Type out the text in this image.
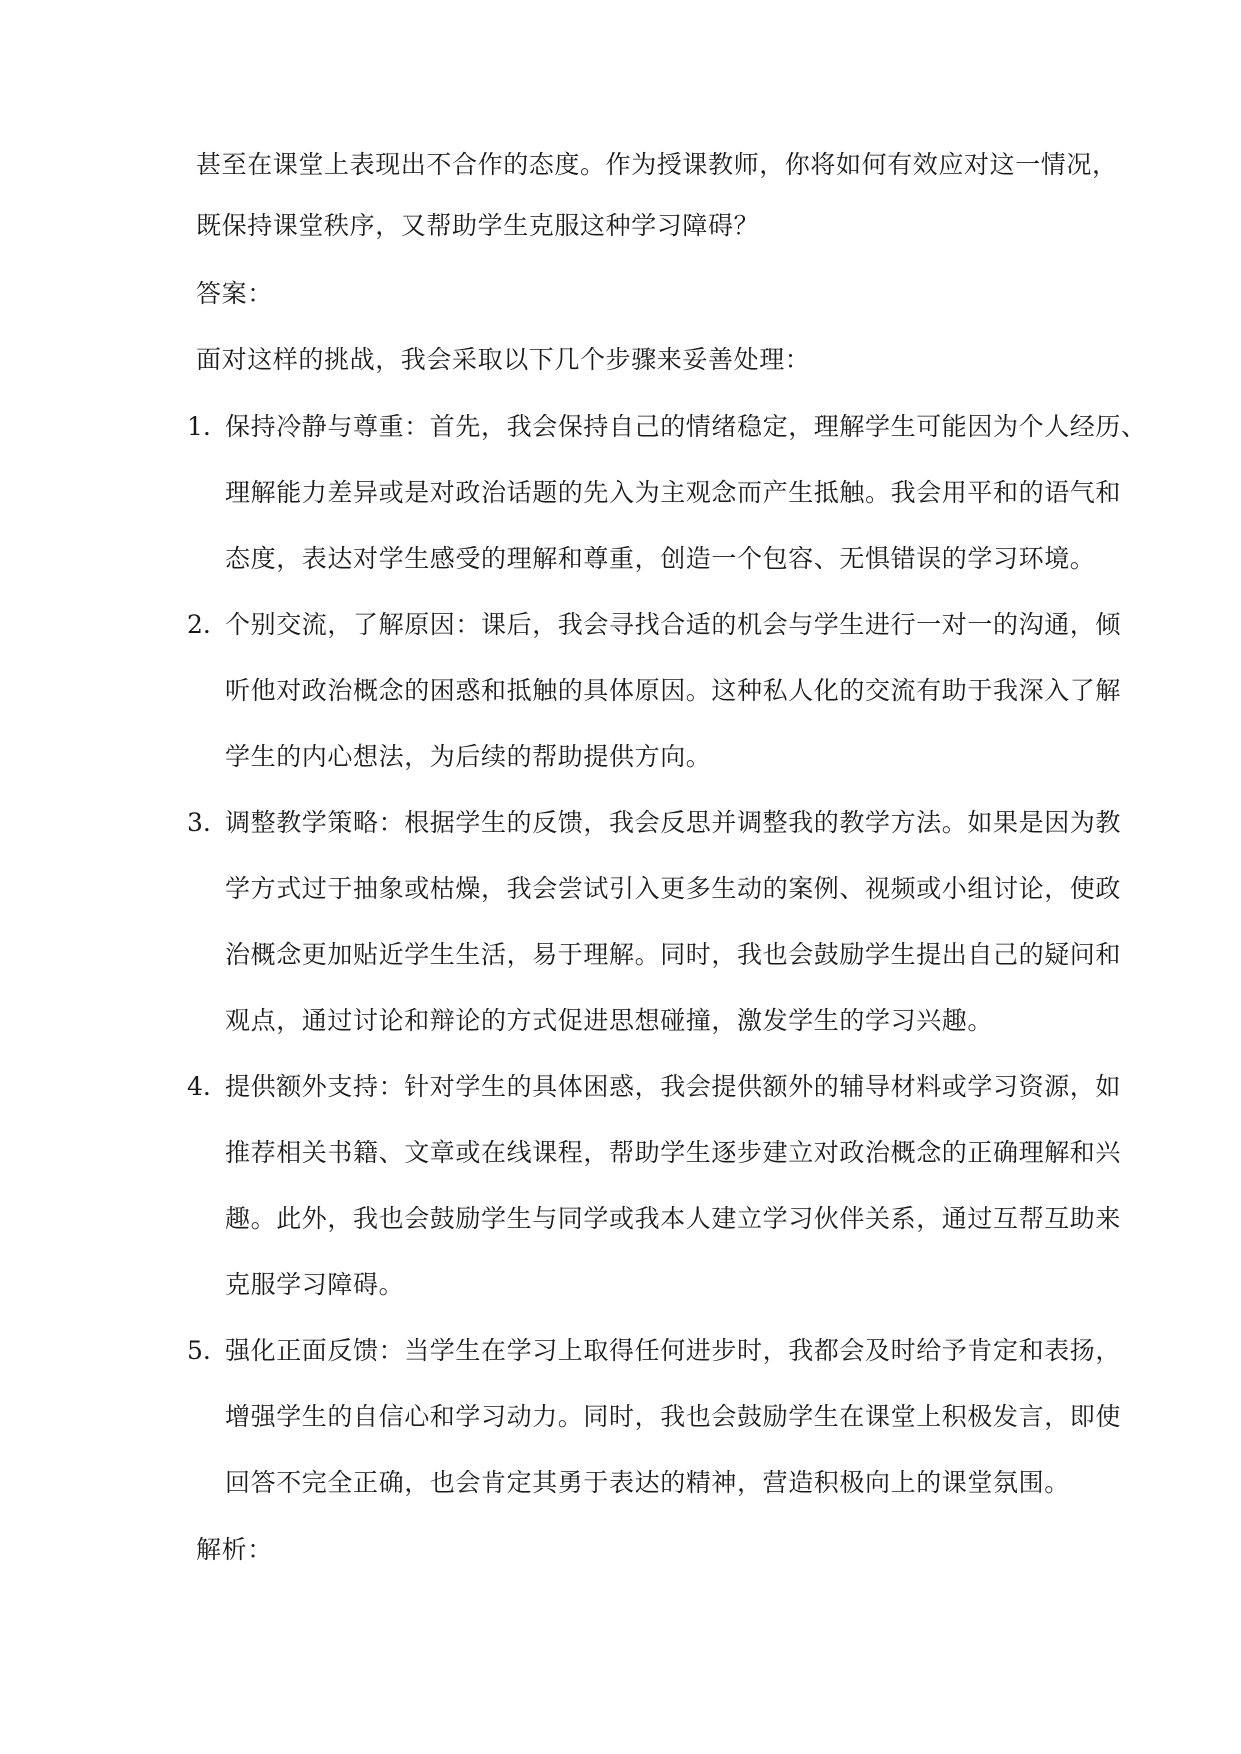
甚至在课堂上表现出不合作的态度。作为授课教师，你将如何有效应对这一情况，
既保持课堂秩序，又帮助学生克服这种学习障碍？
答案：
面对这样的挑战，我会采取以下几个步骤来妥善处理：
1. 保持冷静与尊重：首先，我会保持自己的情绪稳定，理解学生可能因为个人经历、
理解能力差异或是对政治话题的先入为主观念而产生抵触。我会用平和的语气和
态度，表达对学生感受的理解和尊重，创造一个包容、无惧错误的学习环境。
2. 个别交流，了解原因：课后，我会寻找合适的机会与学生进行一对一的沟通，倾
听他对政治概念的困惑和抵触的具体原因。这种私人化的交流有助于我深入了解
学生的内心想法，为后续的帮助提供方向。
3. 调整教学策略：根据学生的反馈，我会反思并调整我的教学方法。如果是因为教
学方式过于抽象或枯燥，我会尝试引入更多生动的案例、视频或小组讨论，使政
治概念更加贴近学生生活，易于理解。同时，我也会鼓励学生提出自己的疑问和
观点，通过讨论和辩论的方式促进思想碰撞，激发学生的学习兴趣。
4. 提供额外支持：针对学生的具体困惑，我会提供额外的辅导材料或学习资源，如
推荐相关书籍、文章或在线课程，帮助学生逐步建立对政治概念的正确理解和兴
趣。此外，我也会鼓励学生与同学或我本人建立学习伙伴关系，通过互帮互助来
克服学习障碍。
5. 强化正面反馈：当学生在学习上取得任何进步时，我都会及时给予肯定和表扬，
增强学生的自信心和学习动力。同时，我也会鼓励学生在课堂上积极发言，即使
回答不完全正确，也会肯定其勇于表达的精神，营造积极向上的课堂氛围。
解析：
